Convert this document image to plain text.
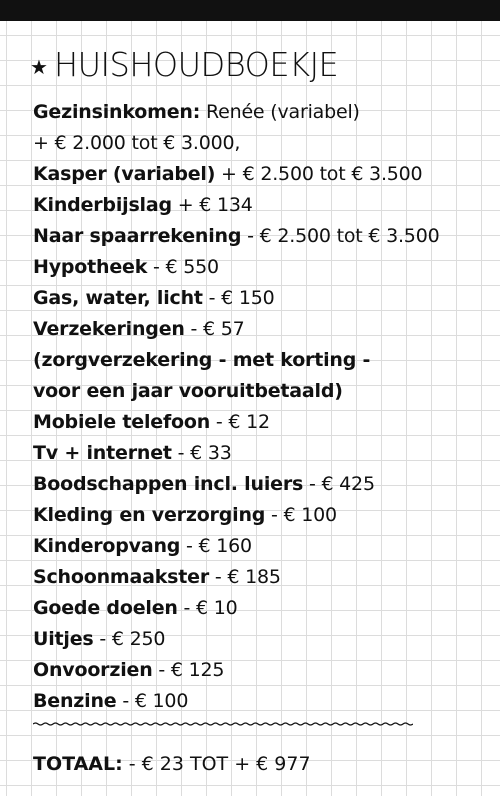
★ HUISHOUDBOEKJE
Gezinsinkomen: Renée (variabel)
+ € 2.000 tot € 3.000,
Kasper (variabel) + € 2.500 tot € 3.500
Kinderbijslag + € 134
Naar spaarrekening - € 2.500 tot € 3.500
Hypotheek - € 550
Gas, water, licht - € 150
Verzekeringen - € 57
(zorgverzekering - met korting -
voor een jaar vooruitbetaald)
Mobiele telefoon - € 12
Tv + internet - € 33
Boodschappen incl. luiers - € 425
Kleding en verzorging - € 100
Kinderopvang - € 160
Schoonmaakster - € 185
Goede doelen - € 10
Uitjes - € 250
Onvoorzien - € 125
Benzine - € 100
TOTAAL: - € 23 TOT + € 977
